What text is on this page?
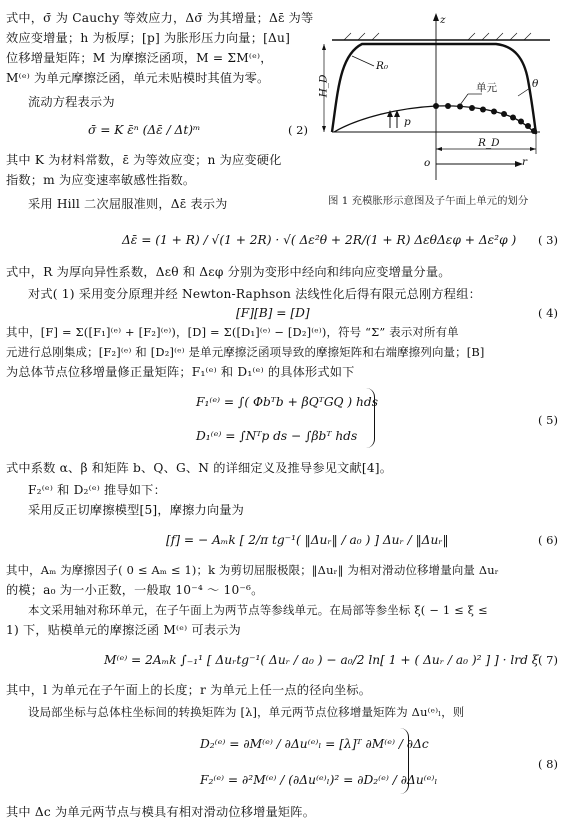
z
r
o
R₀
H_D
R_D
p
θ
单元
图 1 充模胀形示意图及子午面上单元的划分
式中，σ̄ 为 Cauchy 等效应力，Δσ̄ 为其增量；Δε̄ 为等
效应变增量；h 为板厚；[p] 为胀形压力向量；[Δu]
位移增量矩阵；M 为摩擦泛函项，M = ΣM⁽ᵉ⁾，
M⁽ᵉ⁾ 为单元摩擦泛函，单元未贴模时其值为零。
流动方程表示为
σ̄ = K ε̄ⁿ (Δε̄ / Δt)ᵐ	( 2)
其中 K 为材料常数，ε̄ 为等效应变；n 为应变硬化
指数；m 为应变速率敏感性指数。
采用 Hill 二次屈服准则，Δε̄ 表示为
Δε̄ = (1 + R) / √(1 + 2R) · √( Δε²θ + 2R/(1 + R) ΔεθΔεφ + Δε²φ ) ( 3)
式中，R 为厚向异性系数，Δεθ 和 Δεφ 分别为变形中经向和纬向应变增量分量。
对式( 1) 采用变分原理并经 Newton-Raphson 法线性化后得有限元总刚方程组：
[F][B] = [D]	( 4)
其中，[F] = Σ([F₁]⁽ᵉ⁾ + [F₂]⁽ᵉ⁾)，[D] = Σ([D₁]⁽ᵉ⁾ − [D₂]⁽ᵉ⁾)，符号 “Σ” 表示对所有单
元进行总刚集成；[F₂]⁽ᵉ⁾ 和 [D₂]⁽ᵉ⁾ 是单元摩擦泛函项导致的摩擦矩阵和右端摩擦列向量；[B]
为总体节点位移增量修正量矩阵；F₁⁽ᵉ⁾ 和 D₁⁽ᵉ⁾ 的具体形式如下
F₁⁽ᵉ⁾ = ∫( Φbᵀb + βQᵀGQ ) hds
D₁⁽ᵉ⁾ = ∫Nᵀp ds − ∫βbᵀ hds
( 5)
式中系数 α、β 和矩阵 b、Q、G、N 的详细定义及推导参见文献[4]。
F₂⁽ᵉ⁾ 和 D₂⁽ᵉ⁾ 推导如下：
采用反正切摩擦模型[5]，摩擦力向量为
[f] = − Aₘk [ 2/π tg⁻¹( ‖Δuᵣ‖ / a₀ ) ] Δuᵣ / ‖Δuᵣ‖	( 6)
其中，Aₘ 为摩擦因子( 0 ≤ Aₘ ≤ 1)；k 为剪切屈服极限；‖Δuᵣ‖ 为相对滑动位移增量向量 Δuᵣ
的模；a₀ 为一小正数，一般取 10⁻⁴ ～ 10⁻⁶。
本文采用轴对称环单元，在子午面上为两节点等参线单元。在局部等参坐标 ξ( − 1 ≤ ξ ≤
1) 下，贴模单元的摩擦泛函 M⁽ᵉ⁾ 可表示为
M⁽ᵉ⁾ = 2Aₘk ∫₋₁¹ [ Δuᵣtg⁻¹( Δuᵣ / a₀ ) − a₀/2 ln[ 1 + ( Δuᵣ / a₀ )² ] ] · lrd ξ ( 7)
其中，l 为单元在子午面上的长度；r 为单元上任一点的径向坐标。
设局部坐标与总体柱坐标间的转换矩阵为 [λ]，单元两节点位移增量矩阵为 Δu⁽ᵉ⁾ₗ，则
D₂⁽ᵉ⁾ = ∂M⁽ᵉ⁾ / ∂Δu⁽ᵉ⁾ₗ = [λ]ᵀ ∂M⁽ᵉ⁾ / ∂Δc
F₂⁽ᵉ⁾ = ∂²M⁽ᵉ⁾ / (∂Δu⁽ᵉ⁾ₗ)² = ∂D₂⁽ᵉ⁾ / ∂Δu⁽ᵉ⁾ₗ
( 8)
其中 Δc 为单元两节点与模具有相对滑动位移增量矩阵。
